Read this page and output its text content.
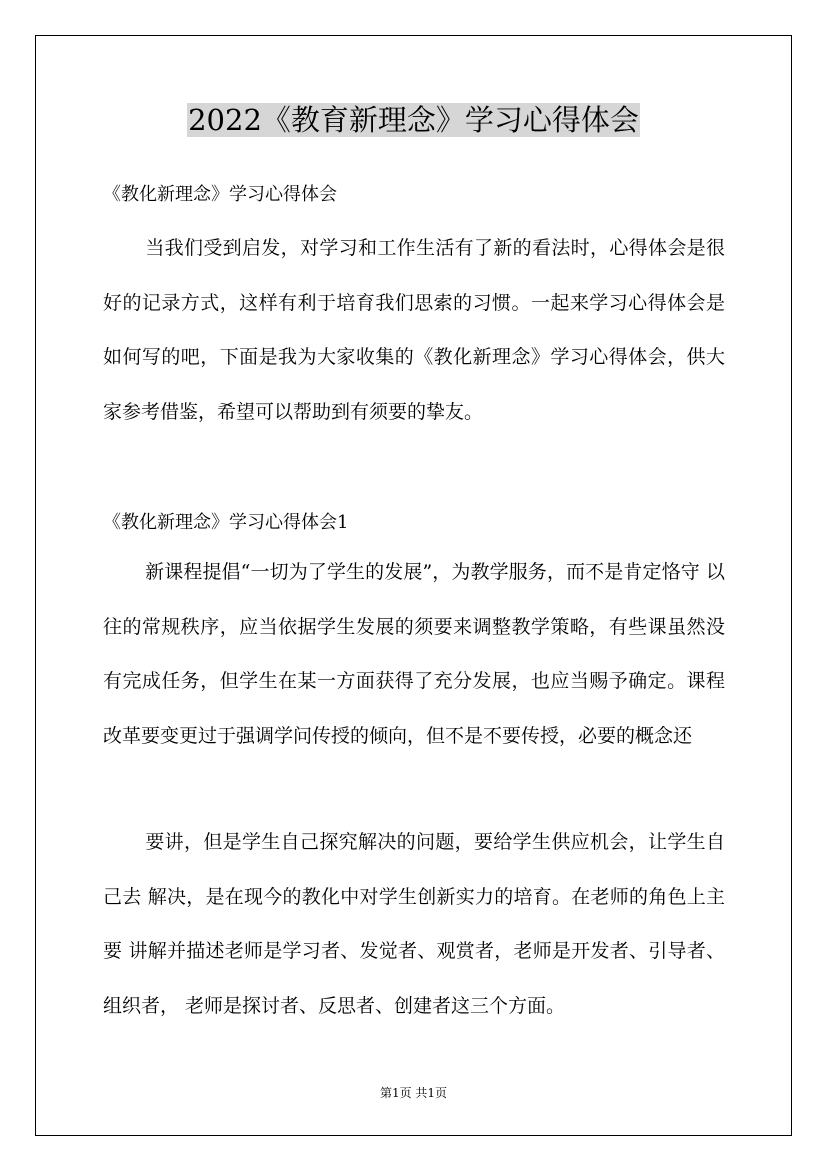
2022《教育新理念》学习心得体会
《教化新理念》学习心得体会

当我们受到启发，对学习和工作生活有了新的看法时，心得体会是很好的记录方式，这样有利于培育我们思索的习惯。一起来学习心得体会是如何写的吧，下面是我为大家收集的《教化新理念》学习心得体会，供大家参考借鉴，希望可以帮助到有须要的挚友。

《教化新理念》学习心得体会1

新课程提倡“一切为了学生的发展”，为教学服务，而不是肯定恪守 以往的常规秩序，应当依据学生发展的须要来调整教学策略，有些课虽然没有完成任务，但学生在某一方面获得了充分发展，也应当赐予确定。课程改革要变更过于强调学问传授的倾向，但不是不要传授，必要的概念还

要讲，但是学生自己探究解决的问题，要给学生供应机会，让学生自己去 解决，是在现今的教化中对学生创新实力的培育。在老师的角色上主要 讲解并描述老师是学习者、发觉者、观赏者，老师是开发者、引导者、组织者， 老师是探讨者、反思者、创建者这三个方面。

第1页 共1页
